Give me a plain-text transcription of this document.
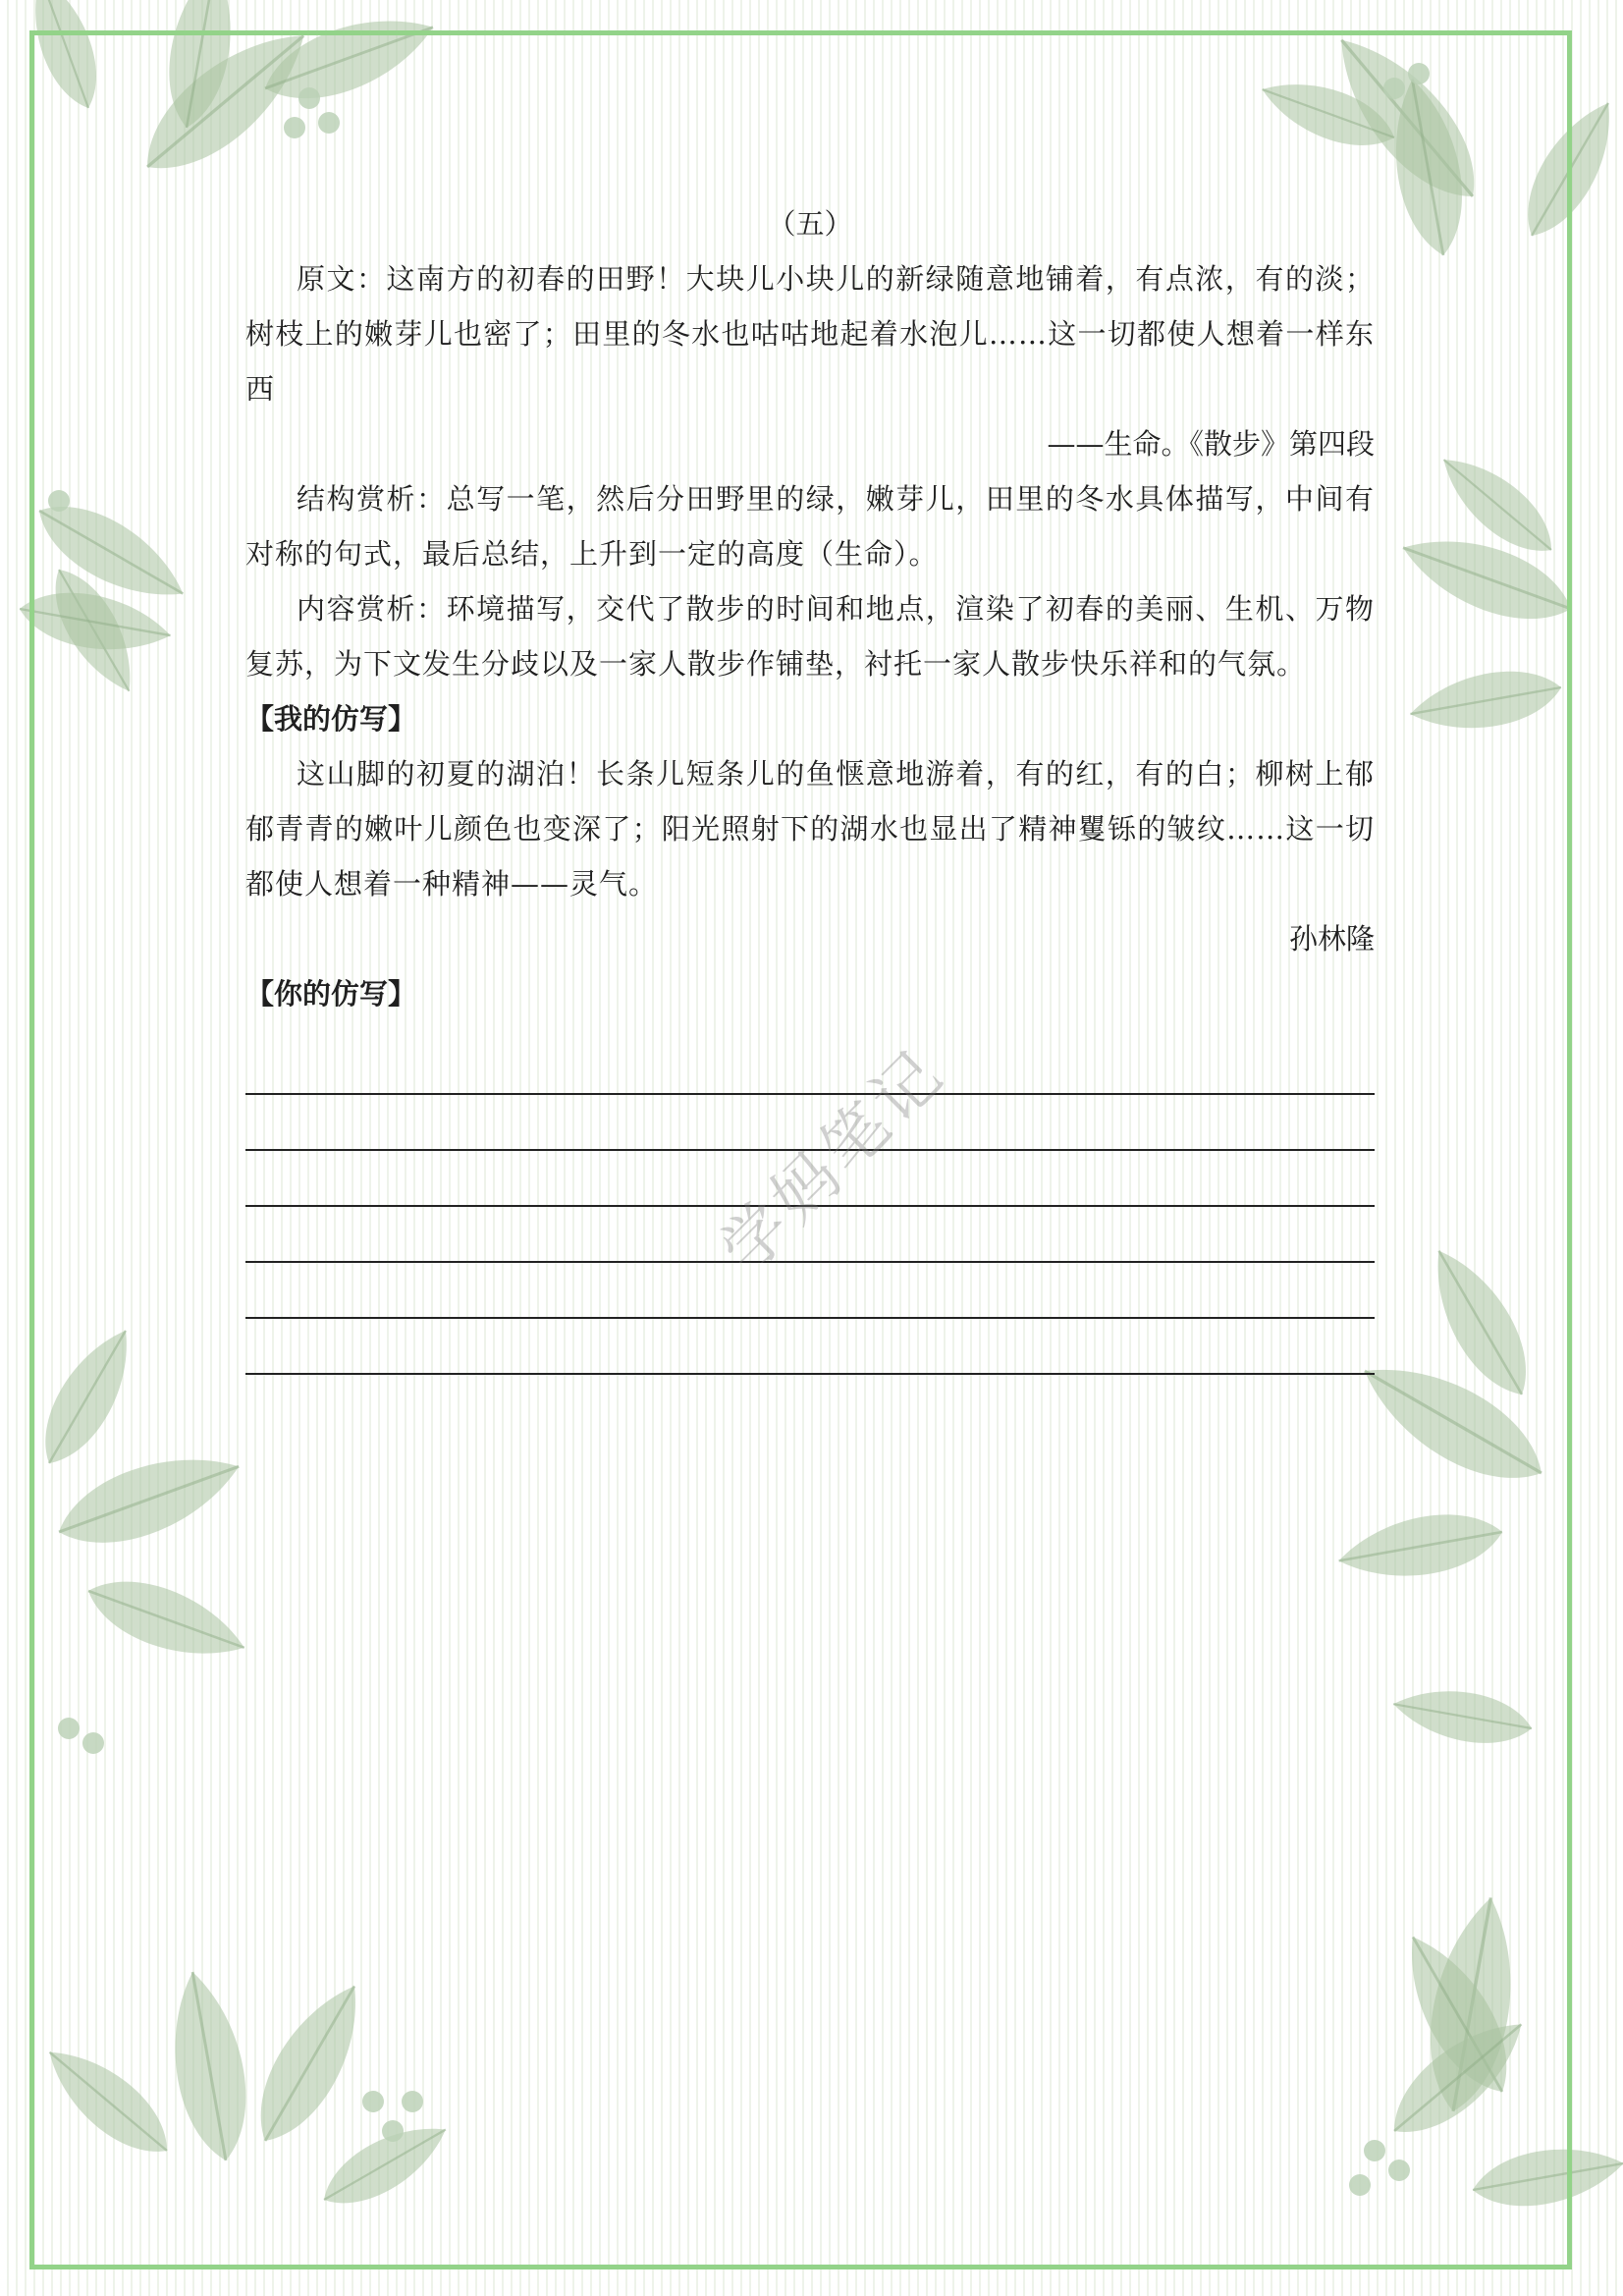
（五）

原文：这南方的初春的田野！大块儿小块儿的新绿随意地铺着，有点浓，有的淡；树枝上的嫩芽儿也密了；田里的冬水也咕咕地起着水泡儿……这一切都使人想着一样东西

——生命。《散步》第四段

结构赏析：总写一笔，然后分田野里的绿，嫩芽儿，田里的冬水具体描写，中间有对称的句式，最后总结，上升到一定的高度（生命）。

内容赏析：环境描写，交代了散步的时间和地点，渲染了初春的美丽、生机、万物复苏，为下文发生分歧以及一家人散步作铺垫，衬托一家人散步快乐祥和的气氛。

【我的仿写】

这山脚的初夏的湖泊！长条儿短条儿的鱼惬意地游着，有的红，有的白；柳树上郁郁青青的嫩叶儿颜色也变深了；阳光照射下的湖水也显出了精神矍铄的皱纹……这一切都使人想着一种精神——灵气。

孙林隆

【你的仿写】

学妈笔记
